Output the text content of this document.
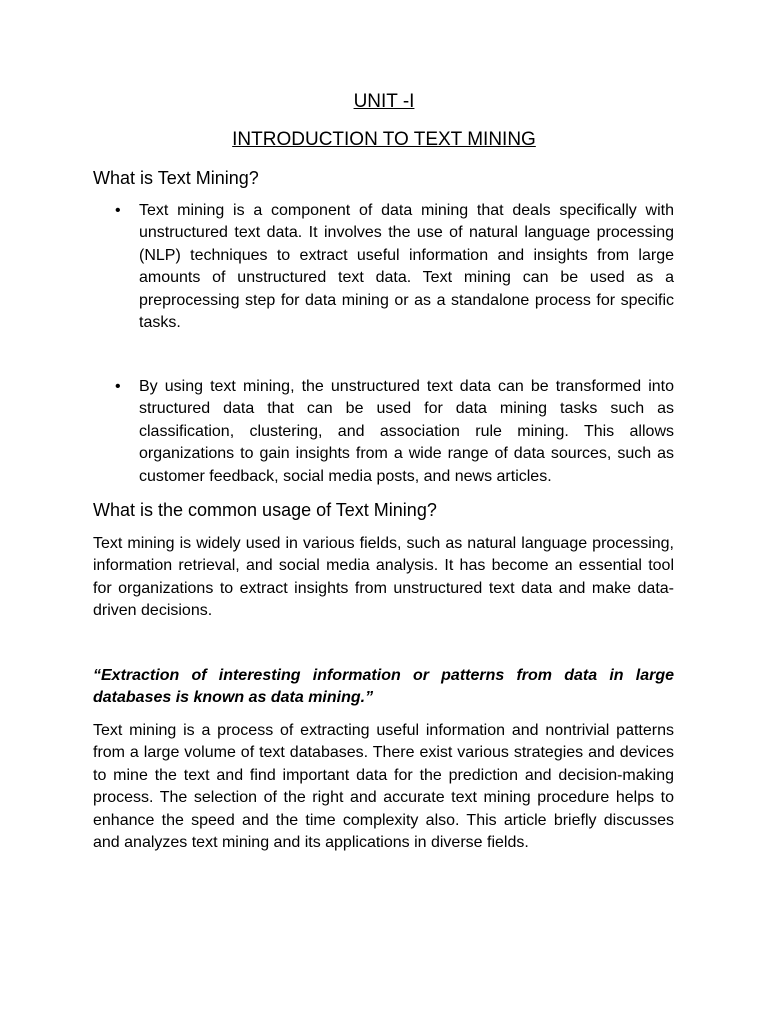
UNIT -I
INTRODUCTION TO TEXT MINING
What is Text Mining?
• Text mining is a component of data mining that deals specifically with unstructured text data. It involves the use of natural language processing (NLP) techniques to extract useful information and insights from large amounts of unstructured text data. Text mining can be used as a preprocessing step for data mining or as a standalone process for specific tasks.
• By using text mining, the unstructured text data can be transformed into structured data that can be used for data mining tasks such as classification, clustering, and association rule mining. This allows organizations to gain insights from a wide range of data sources, such as customer feedback, social media posts, and news articles.
What is the common usage of Text Mining?

Text mining is widely used in various fields, such as natural language processing, information retrieval, and social media analysis. It has become an essential tool for organizations to extract insights from unstructured text data and make data-driven decisions.

“Extraction of interesting information or patterns from data in large databases is known as data mining.”

Text mining is a process of extracting useful information and nontrivial patterns from a large volume of text databases. There exist various strategies and devices to mine the text and find important data for the prediction and decision-making process. The selection of the right and accurate text mining procedure helps to enhance the speed and the time complexity also. This article briefly discusses and analyzes text mining and its applications in diverse fields.
